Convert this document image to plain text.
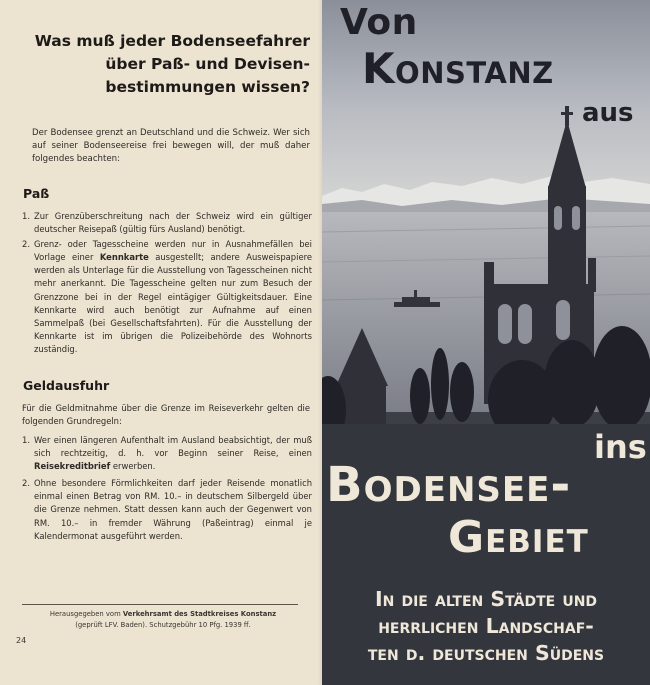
Was muß jeder Bodenseefahrer
über Paß- und Devisen-
bestimmungen wissen?
Der Bodensee grenzt an Deutschland und die Schweiz. Wer sich auf seiner Bodenseereise frei bewegen will, der muß daher folgendes beachten:
Paß
1. Zur Grenzüberschreitung nach der Schweiz wird ein gültiger deutscher Reisepaß (gültig fürs Ausland) benötigt.
2. Grenz- oder Tagesscheine werden nur in Ausnahmefällen bei Vorlage einer Kennkarte ausgestellt; andere Ausweispapiere werden als Unterlage für die Ausstellung von Tagesscheinen nicht mehr anerkannt. Die Tagesscheine gelten nur zum Besuch der Grenzzone bei in der Regel eintägiger Gültigkeitsdauer. Eine Kennkarte wird auch benötigt zur Aufnahme auf einen Sammelpaß (bei Gesellschaftsfahrten). Für die Ausstellung der Kennkarte ist im übrigen die Polizeibehörde des Wohnorts zuständig.
Geldausfuhr
Für die Geldmitnahme über die Grenze im Reiseverkehr gelten die folgenden Grundregeln:
1. Wer einen längeren Aufenthalt im Ausland beabsichtigt, der muß sich rechtzeitig, d. h. vor Beginn seiner Reise, einen Reisekreditbrief erwerben.
2. Ohne besondere Förmlichkeiten darf jeder Reisende monatlich einmal einen Betrag von RM. 10.– in deutschem Silbergeld über die Grenze nehmen. Statt dessen kann auch der Gegenwert von RM. 10.– in fremder Währung (Paßeintrag) einmal je Kalendermonat ausgeführt werden.
Herausgegeben vom Verkehrsamt des Stadtkreises Konstanz
(geprüft LFV. Baden). Schutzgebühr 10 Pfg. 1939 ff.
24
Von
Konstanz
aus
ins
Bodensee-
Gebiet
In die alten Städte und
herrlichen Landschaf-
ten d. deutschen Südens
